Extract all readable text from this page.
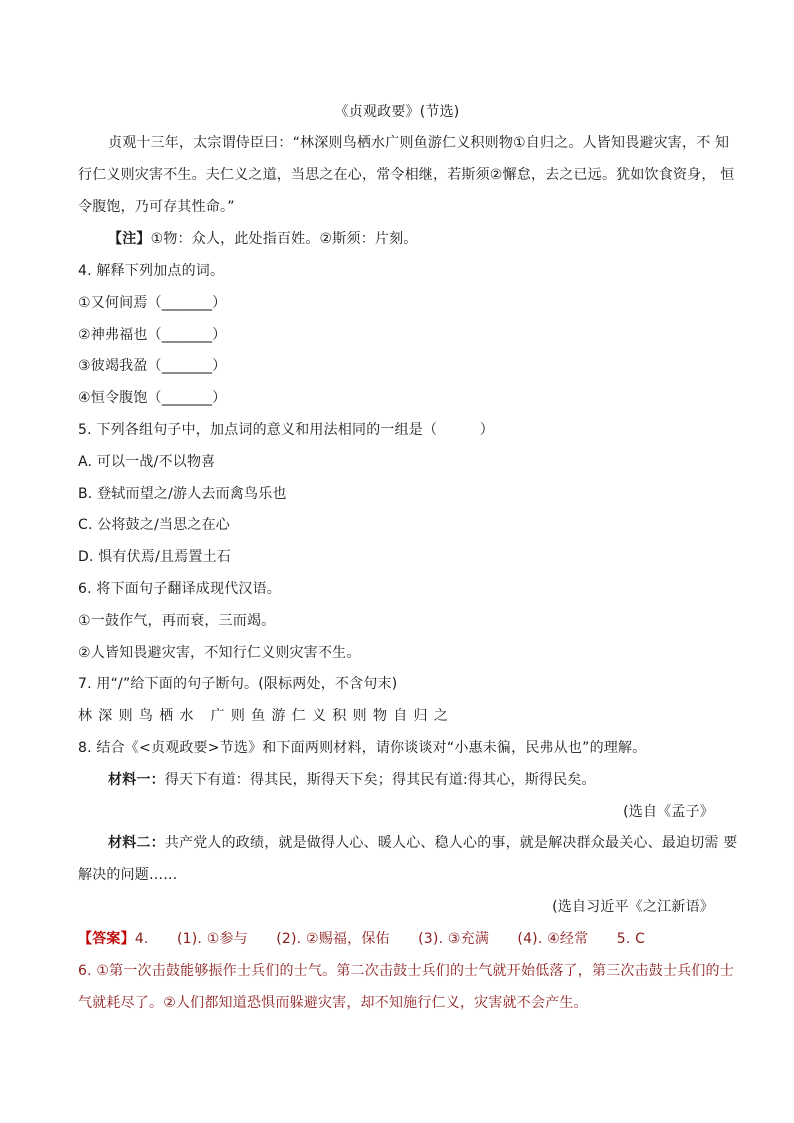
《贞观政要》(节选)
贞观十三年，太宗谓侍臣曰：“林深则鸟栖水广则鱼游仁义积则物①自归之。人皆知畏避灾害，不 知
行仁义则灾害不生。夫仁义之道，当思之在心，常令相继，若斯须②懈怠，去之已远。犹如饮食资身， 恒
令腹饱，乃可存其性命。”
【注】①物：众人，此处指百姓。②斯须：片刻。
4. 解释下列加点的词。
①又何间焉（_______）
②神弗福也（_______）
③彼竭我盈（_______）
④恒令腹饱（_______）
5. 下列各组句子中，加点词的意义和用法相同的一组是（　　　）
A. 可以一战/不以物喜
B. 登轼而望之/游人去而禽鸟乐也
C. 公将鼓之/当思之在心
D. 惧有伏焉/且焉置土石
6. 将下面句子翻译成现代汉语。
①一鼓作气，再而衰，三而竭。
②人皆知畏避灾害，不知行仁义则灾害不生。
7. 用“/”给下面的句子断句。(限标两处，不含句末)
林深则鸟栖水 广则鱼游仁义积则物自归之
8. 结合《<贞观政要>节选》和下面两则材料，请你谈谈对“小惠未徧，民弗从也”的理解。
材料一：得天下有道：得其民，斯得天下矣；得其民有道:得其心，斯得民矣。
(选自《孟子》
材料二：共产党人的政绩，就是做得人心、暖人心、稳人心的事，就是解决群众最关心、最迫切需 要
解决的问题……
(选自习近平《之江新语》
【答案】4.　　(1). ①参与　　(2). ②赐福，保佑　　(3). ③充满　　(4). ④经常　　5. C
6. ①第一次击鼓能够振作士兵们的士气。第二次击鼓士兵们的士气就开始低落了，第三次击鼓士兵们的士
气就耗尽了。②人们都知道恐惧而躲避灾害，却不知施行仁义，灾害就不会产生。
